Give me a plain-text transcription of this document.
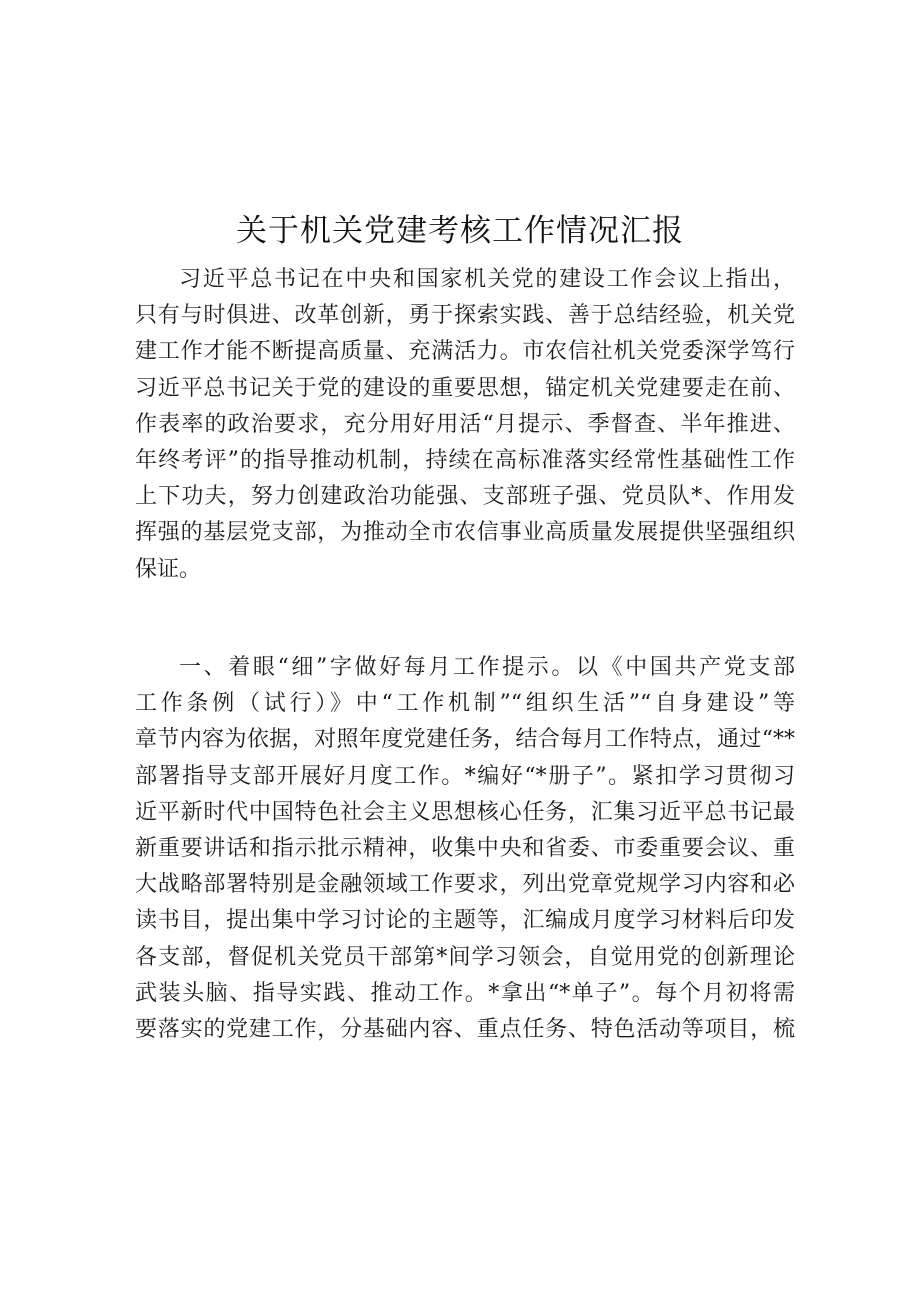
关于机关党建考核工作情况汇报
习近平总书记在中央和国家机关党的建设工作会议上指出，
只有与时俱进、改革创新，勇于探索实践、善于总结经验，机关党
建工作才能不断提高质量、充满活力。市农信社机关党委深学笃行
习近平总书记关于党的建设的重要思想，锚定机关党建要走在前、
作表率的政治要求，充分用好用活“月提示、季督查、半年推进、
年终考评”的指导推动机制，持续在高标准落实经常性基础性工作
上下功夫，努力创建政治功能强、支部班子强、党员队*、作用发
挥强的基层党支部，为推动全市农信事业高质量发展提供坚强组织
保证。
一、着眼“细”字做好每月工作提示。以《中国共产党支部
工作条例（试行）》中“工作机制”“组织生活”“自身建设”等
章节内容为依据，对照年度党建任务，结合每月工作特点，通过“**
部署指导支部开展好月度工作。*编好“*册子”。紧扣学习贯彻习
近平新时代中国特色社会主义思想核心任务，汇集习近平总书记最
新重要讲话和指示批示精神，收集中央和省委、市委重要会议、重
大战略部署特别是金融领域工作要求，列出党章党规学习内容和必
读书目，提出集中学习讨论的主题等，汇编成月度学习材料后印发
各支部，督促机关党员干部第*间学习领会，自觉用党的创新理论
武装头脑、指导实践、推动工作。*拿出“*单子”。每个月初将需
要落实的党建工作，分基础内容、重点任务、特色活动等项目，梳
